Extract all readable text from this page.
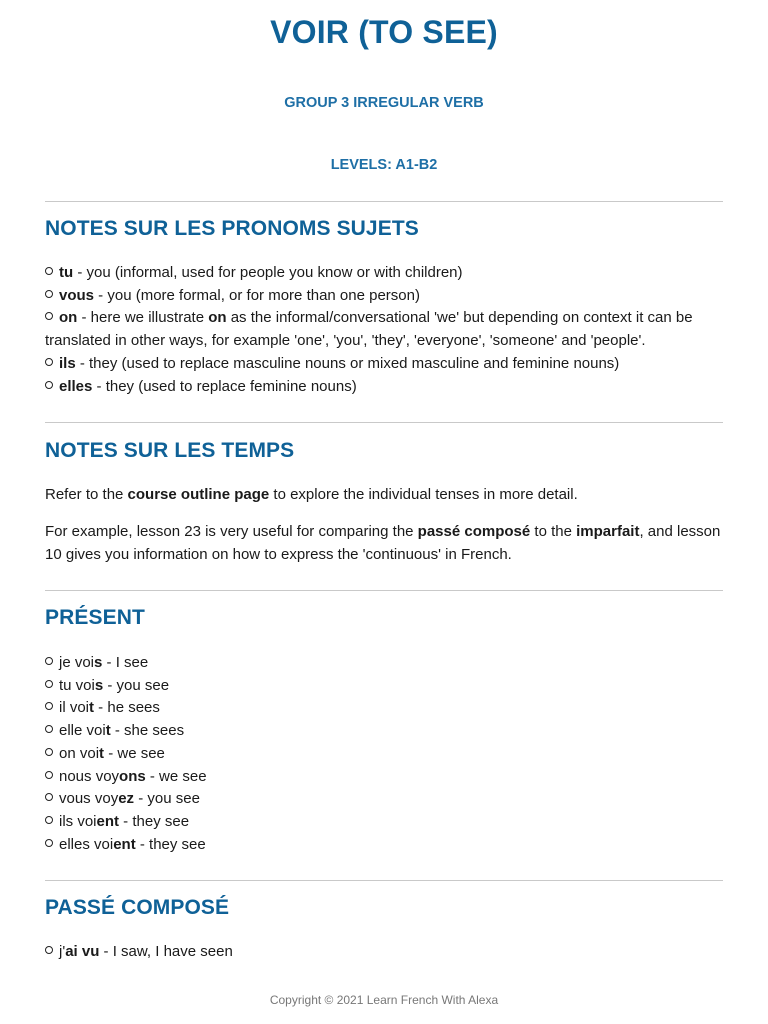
VOIR (TO SEE)

GROUP 3 IRREGULAR VERB

LEVELS: A1-B2

NOTES SUR LES PRONOMS SUJETS
tu - you (informal, used for people you know or with children)
vous - you (more formal, or for more than one person)
on - here we illustrate on as the informal/conversational 'we' but depending on context it can be translated in other ways, for example 'one', 'you', 'they', 'everyone', 'someone' and 'people'.
ils - they (used to replace masculine nouns or mixed masculine and feminine nouns)
elles - they (used to replace feminine nouns)
NOTES SUR LES TEMPS

Refer to the course outline page to explore the individual tenses in more detail.

For example, lesson 23 is very useful for comparing the passé composé to the imparfait, and lesson 10 gives you information on how to express the 'continuous' in French.

PRÉSENT
je vois - I see
tu vois - you see
il voit - he sees
elle voit - she sees
on voit - we see
nous voyons - we see
vous voyez - you see
ils voient - they see
elles voient - they see
PASSÉ COMPOSÉ
j'ai vu - I saw, I have seen
Copyright © 2021 Learn French With Alexa
